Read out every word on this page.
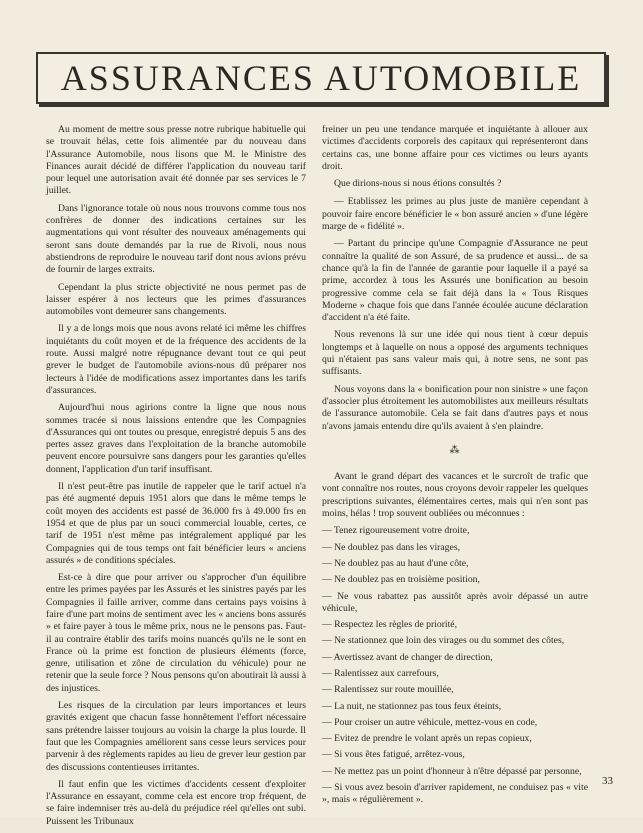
ASSURANCES AUTOMOBILE

Au moment de mettre sous presse notre rubrique habituelle qui se trouvait hélas, cette fois alimentée par du nouveau dans l'Assurance Automobile, nous lisons que M. le Ministre des Finances aurait décidé de différer l'application du nouveau tarif pour lequel une autorisation avait été donnée par ses services le 7 juillet.

Dans l'ignorance totale où nous nous trouvons comme tous nos confrères de donner des indications certaines sur les augmentations qui vont résulter des nouveaux aménagements qui seront sans doute demandés par la rue de Rivoli, nous nous abstiendrons de reproduire le nouveau tarif dont nous avions prévu de fournir de larges extraits.

Cependant la plus stricte objectivité ne nous permet pas de laisser espérer à nos lecteurs que les primes d'assurances automobiles vont demeurer sans changements.

Il y a de longs mois que nous avons relaté ici même les chiffres inquiétants du coût moyen et de la fréquence des accidents de la route. Aussi malgré notre répugnance devant tout ce qui peut grever le budget de l'automobile avions-nous dû préparer nos lecteurs à l'idée de modifications assez importantes dans les tarifs d'assurances.

Aujourd'hui nous agirions contre la ligne que nous nous sommes tracée si nous laissions entendre que les Compagnies d'Assurances qui ont toutes ou presque, enregistré depuis 5 ans des pertes assez graves dans l'exploitation de la branche automobile peuvent encore poursuivre sans dangers pour les garanties qu'elles donnent, l'application d'un tarif insuffisant.

Il n'est peut-être pas inutile de rappeler que le tarif actuel n'a pas été augmenté depuis 1951 alors que dans le même temps le coût moyen des accidents est passé de 36.000 frs à 49.000 frs en 1954 et que de plus par un souci commercial louable, certes, ce tarif de 1951 n'est même pas intégralement appliqué par les Compagnies qui de tous temps ont fait bénéficier leurs « anciens assurés » de conditions spéciales.

Est-ce à dire que pour arriver ou s'approcher d'un équilibre entre les primes payées par les Assurés et les sinistres payés par les Compagnies il faille arriver, comme dans certains pays voisins à faire d'une part moins de sentiment avec les « anciens bons assurés » et faire payer à tous le même prix, nous ne le pensons pas. Faut-il au contraire établir des tarifs moins nuancés qu'ils ne le sont en France où la prime est fonction de plusieurs éléments (force, genre, utilisation et zône de circulation du véhicule) pour ne retenir que la seule force ? Nous pensons qu'on aboutirait là aussi à des injustices.

Les risques de la circulation par leurs importances et leurs gravités exigent que chacun fasse honnêtement l'effort nécessaire sans prétendre laisser toujours au voisin la charge la plus lourde. Il faut que les Compagnies améliorent sans cesse leurs services pour parvenir à des règlements rapides au lieu de grever leur gestion par des discussions contentieuses irritantes.

Il faut enfin que les victimes d'accidents cessent d'exploiter l'Assurance en essayant, comme cela est encore trop fréquent, de se faire indemniser très au-delà du préjudice réel qu'elles ont subi. Puissent les Tribunaux

freiner un peu une tendance marquée et inquiétante à allouer aux victimes d'accidents corporels des capitaux qui représenteront dans certains cas, une bonne affaire pour ces victimes ou leurs ayants droit.

Que dirions-nous si nous étions consultés ?

— Etablissez les primes au plus juste de manière cependant à pouvoir faire encore bénéficier le « bon assuré ancien » d'une légère marge de « fidélité ».

— Partant du principe qu'une Compagnie d'Assurance ne peut connaître la qualité de son Assuré, de sa prudence et aussi... de sa chance qu'à la fin de l'année de garantie pour laquelle il a payé sa prime, accordez à tous les Assurés une bonification au besoin progressive comme cela se fait déjà dans la « Tous Risques Moderne » chaque fois que dans l'année écoulée aucune déclaration d'accident n'a été faite.

Nous revenons là sur une idée qui nous tient à cœur depuis longtemps et à laquelle on nous a opposé des arguments techniques qui n'étaient pas sans valeur mais qui, à notre sens, ne sont pas suffisants.

Nous voyons dans la « bonification pour non sinistre » une façon d'associer plus étroitement les automobilistes aux meilleurs résultats de l'assurance automobile. Cela se fait dans d'autres pays et nous n'avons jamais entendu dire qu'ils avaient à s'en plaindre.

⁂

Avant le grand départ des vacances et le surcroît de trafic que vont connaître nos routes, nous croyons devoir rappeler les quelques prescriptions suivantes, élémentaires certes, mais qui n'en sont pas moins, hélas ! trop souvent oubliées ou méconnues :

— Tenez rigoureusement votre droite,

— Ne doublez pas dans les virages,

— Ne doublez pas au haut d'une côte,

— Ne doublez pas en troisième position,

— Ne vous rabattez pas aussitôt après avoir dépassé un autre véhicule,

— Respectez les règles de priorité,

— Ne stationnez que loin des virages ou du sommet des côtes,

— Avertissez avant de changer de direction,

— Ralentissez aux carrefours,

— Ralentissez sur route mouillée,

— La nuit, ne stationnez pas tous feux éteints,

— Pour croiser un autre véhicule, mettez-vous en code,

— Evitez de prendre le volant après un repas copieux,

— Si vous êtes fatigué, arrêtez-vous,

— Ne mettez pas un point d'honneur à n'être dépassé par personne,

— Si vous avez besoin d'arriver rapidement, ne conduisez pas « vite », mais « régulièrement ».

33
